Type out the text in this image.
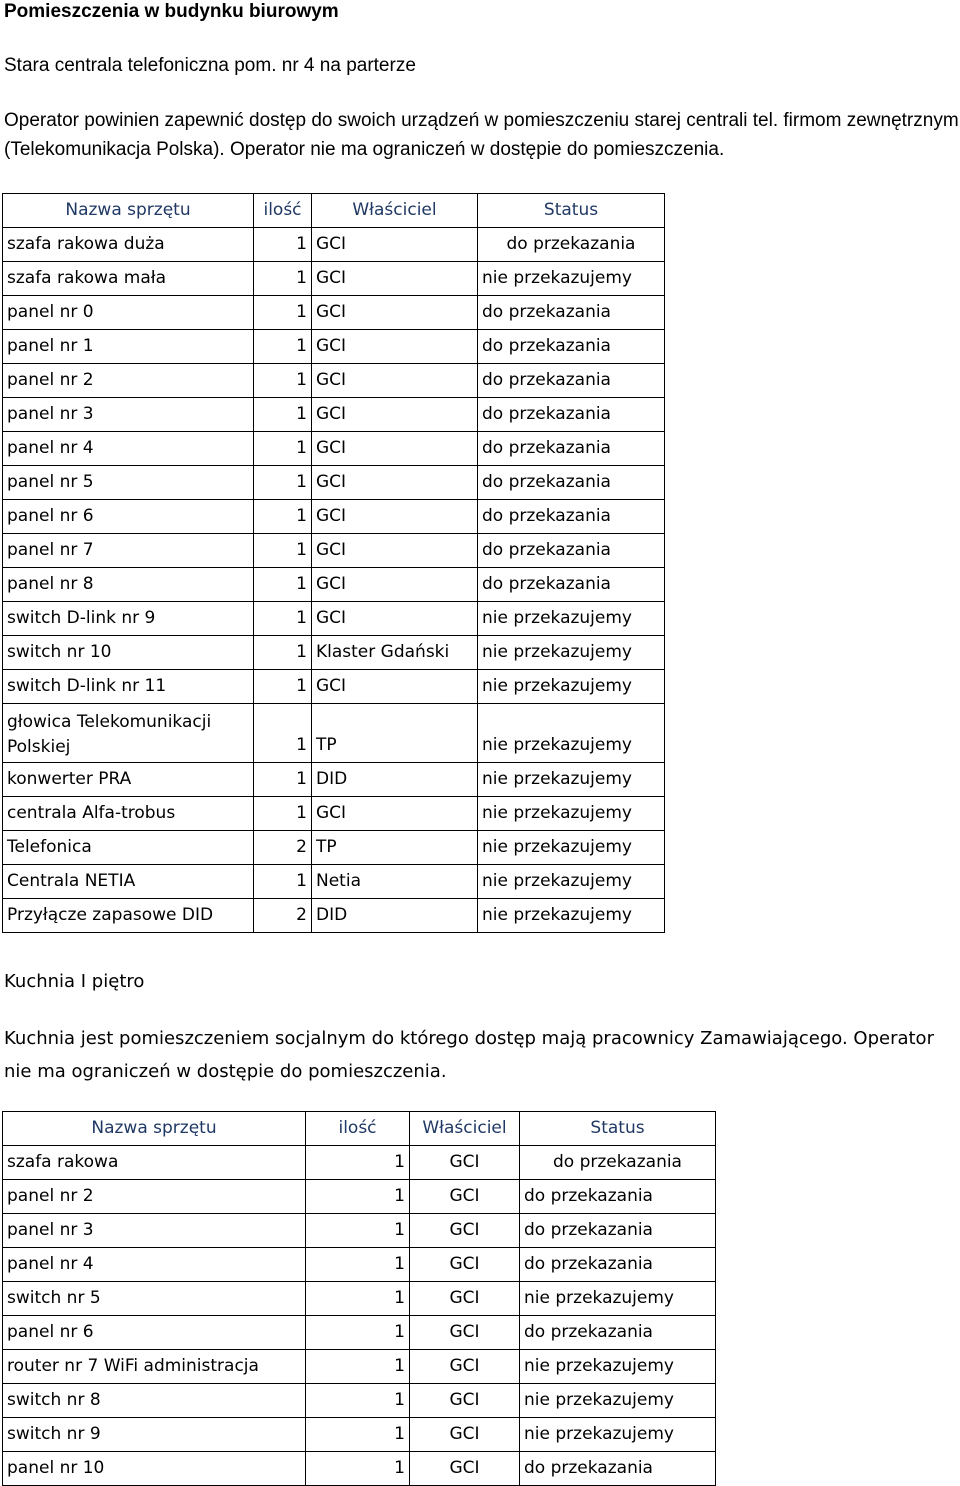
Pomieszczenia w budynku biurowym
Stara centrala telefoniczna pom. nr 4 na parterze
Operator powinien zapewnić dostęp do swoich urządzeń w pomieszczeniu starej centrali tel. firmom zewnętrznym (Telekomunikacja Polska). Operator nie ma ograniczeń w dostępie do pomieszczenia.
Nazwa sprzętu	ilość	Właściciel	Status
szafa rakowa duża	1	GCI	do przekazania
szafa rakowa mała	1	GCI	nie przekazujemy
panel nr 0	1	GCI	do przekazania
panel nr 1	1	GCI	do przekazania
panel nr 2	1	GCI	do przekazania
panel nr 3	1	GCI	do przekazania
panel nr 4	1	GCI	do przekazania
panel nr 5	1	GCI	do przekazania
panel nr 6	1	GCI	do przekazania
panel nr 7	1	GCI	do przekazania
panel nr 8	1	GCI	do przekazania
switch D-link nr 9	1	GCI	nie przekazujemy
switch nr 10	1	Klaster Gdański	nie przekazujemy
switch D-link nr 11	1	GCI	nie przekazujemy
głowica Telekomunikacji Polskiej	1	TP	nie przekazujemy
konwerter PRA	1	DID	nie przekazujemy
centrala Alfa-trobus	1	GCI	nie przekazujemy
Telefonica	2	TP	nie przekazujemy
Centrala NETIA	1	Netia	nie przekazujemy
Przyłącze zapasowe DID	2	DID	nie przekazujemy
Kuchnia I piętro
Kuchnia jest pomieszczeniem socjalnym do którego dostęp mają pracownicy Zamawiającego. Operator nie ma ograniczeń w dostępie do pomieszczenia.
Nazwa sprzętu	ilość	Właściciel	Status
szafa rakowa	1	GCI	do przekazania
panel nr 2	1	GCI	do przekazania
panel nr 3	1	GCI	do przekazania
panel nr 4	1	GCI	do przekazania
switch nr 5	1	GCI	nie przekazujemy
panel nr 6	1	GCI	do przekazania
router nr 7 WiFi administracja	1	GCI	nie przekazujemy
switch nr 8	1	GCI	nie przekazujemy
switch nr 9	1	GCI	nie przekazujemy
panel nr 10	1	GCI	do przekazania
